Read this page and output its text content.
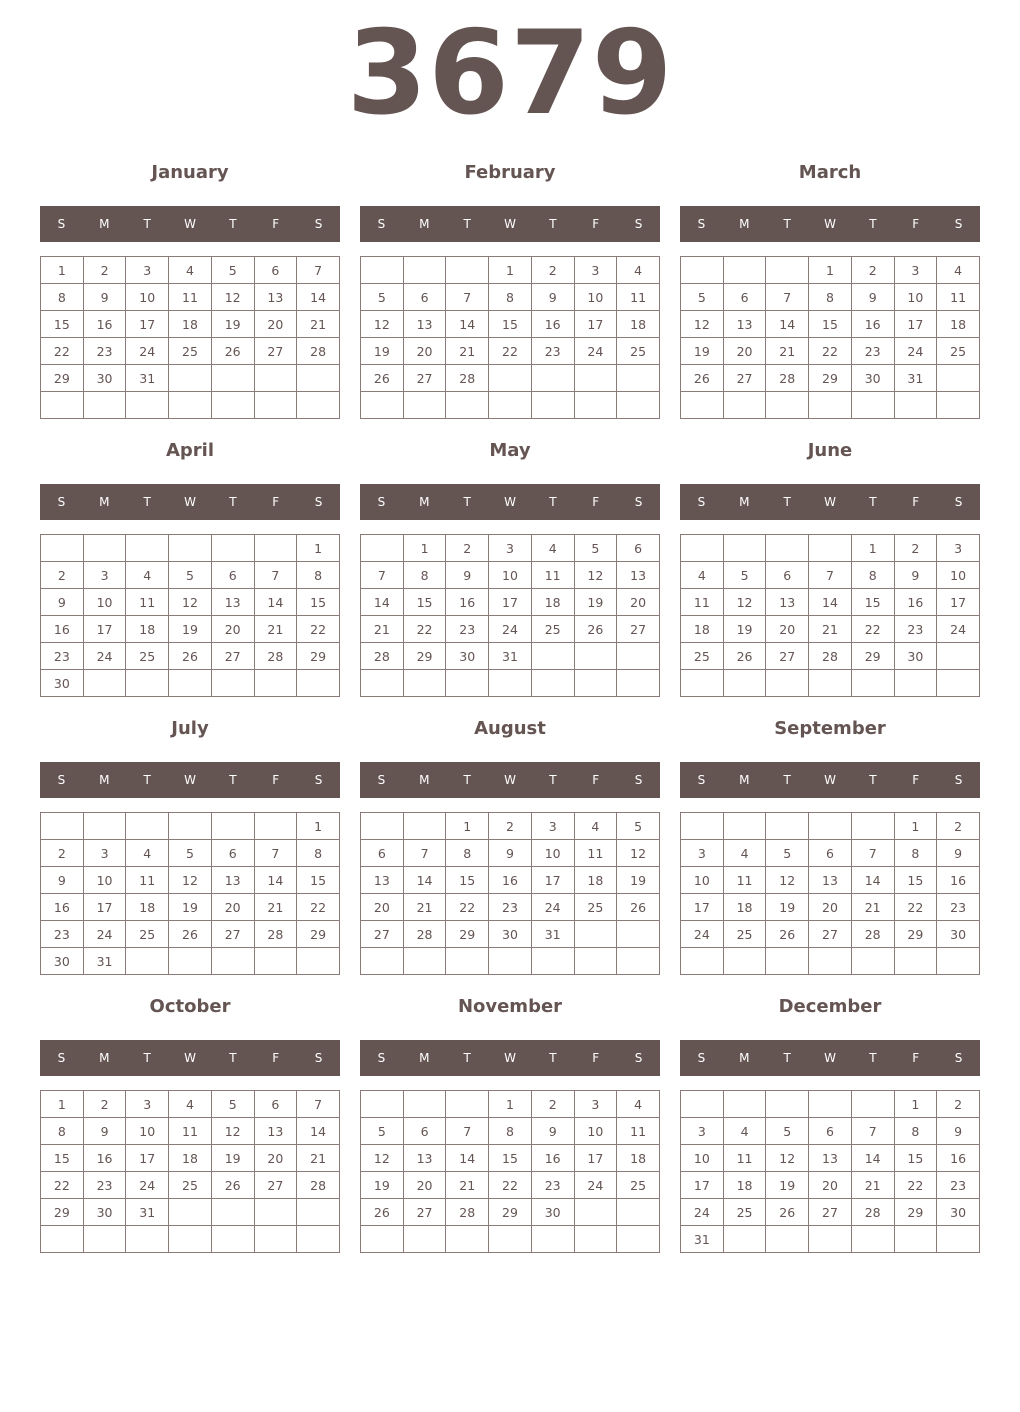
3679
January
S	M	T	W	T	F	S
1	2	3	4	5	6	7
8	9	10	11	12	13	14
15	16	17	18	19	20	21
22	23	24	25	26	27	28
29	30	31				

February
S	M	T	W	T	F	S
			1	2	3	4
5	6	7	8	9	10	11
12	13	14	15	16	17	18
19	20	21	22	23	24	25
26	27	28				

March
S	M	T	W	T	F	S
			1	2	3	4
5	6	7	8	9	10	11
12	13	14	15	16	17	18
19	20	21	22	23	24	25
26	27	28	29	30	31	

April
S	M	T	W	T	F	S
						1
2	3	4	5	6	7	8
9	10	11	12	13	14	15
16	17	18	19	20	21	22
23	24	25	26	27	28	29
30						
May
S	M	T	W	T	F	S
	1	2	3	4	5	6
7	8	9	10	11	12	13
14	15	16	17	18	19	20
21	22	23	24	25	26	27
28	29	30	31			

June
S	M	T	W	T	F	S
				1	2	3
4	5	6	7	8	9	10
11	12	13	14	15	16	17
18	19	20	21	22	23	24
25	26	27	28	29	30	

July
S	M	T	W	T	F	S
						1
2	3	4	5	6	7	8
9	10	11	12	13	14	15
16	17	18	19	20	21	22
23	24	25	26	27	28	29
30	31					
August
S	M	T	W	T	F	S
		1	2	3	4	5
6	7	8	9	10	11	12
13	14	15	16	17	18	19
20	21	22	23	24	25	26
27	28	29	30	31		

September
S	M	T	W	T	F	S
					1	2
3	4	5	6	7	8	9
10	11	12	13	14	15	16
17	18	19	20	21	22	23
24	25	26	27	28	29	30

October
S	M	T	W	T	F	S
1	2	3	4	5	6	7
8	9	10	11	12	13	14
15	16	17	18	19	20	21
22	23	24	25	26	27	28
29	30	31				

November
S	M	T	W	T	F	S
			1	2	3	4
5	6	7	8	9	10	11
12	13	14	15	16	17	18
19	20	21	22	23	24	25
26	27	28	29	30		

December
S	M	T	W	T	F	S
					1	2
3	4	5	6	7	8	9
10	11	12	13	14	15	16
17	18	19	20	21	22	23
24	25	26	27	28	29	30
31						
